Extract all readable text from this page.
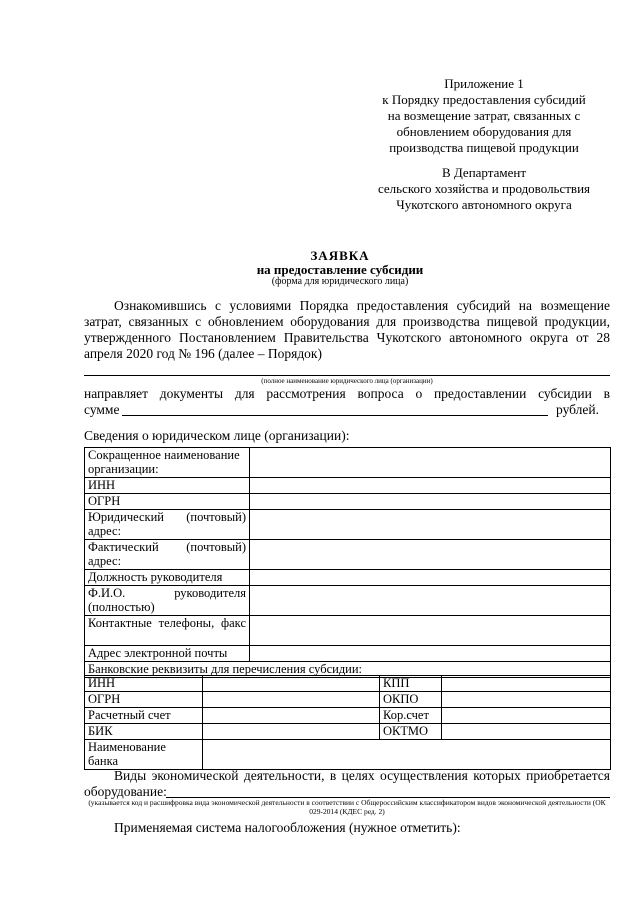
Приложение 1
к Порядку предоставления субсидий
на возмещение затрат, связанных с
обновлением оборудования для
производства пищевой продукции
В Департамент
сельского хозяйства и продовольствия
Чукотского автономного округа
ЗАЯВКА
на предоставление субсидии
(форма для юридического лица)

Ознакомившись с условиями Порядка предоставления субсидий на возмещение затрат, связанных с обновлением оборудования для производства пищевой продукции, утвержденного Постановлением Правительства Чукотского автономного округа от 28 апреля 2020 год № 196 (далее – Порядок)

(полное наименование юридического лица (организации)

направляет документы для рассмотрения вопроса о предоставлении субсидии в

сумме	рублей.
Сведения о юридическом лице (организации):
Сокращенное наименование организации:	
ИНН	
ОГРН	
Юридический (почтовый) адрес:	
Фактический (почтовый) адрес:	
Должность руководителя	
Ф.И.О. руководителя (полностью)	
Контактные телефоны, факс	
Адрес электронной почты	
Банковские реквизиты для перечисления субсидии:	
ИНН		КПП	
ОГРН		ОКПО	
Расчетный счет		Кор.счет	
БИК		ОКТМО	
Наименование банка			
Виды экономической деятельности, в целях осуществления которых приобретается
оборудование:
(указывается код и расшифровка вида экономической деятельности в соответствии с Общероссийским классификатором видов экономической деятельности (ОК 029-2014 (КДЕС ред. 2)
Применяемая система налогообложения (нужное отметить):
